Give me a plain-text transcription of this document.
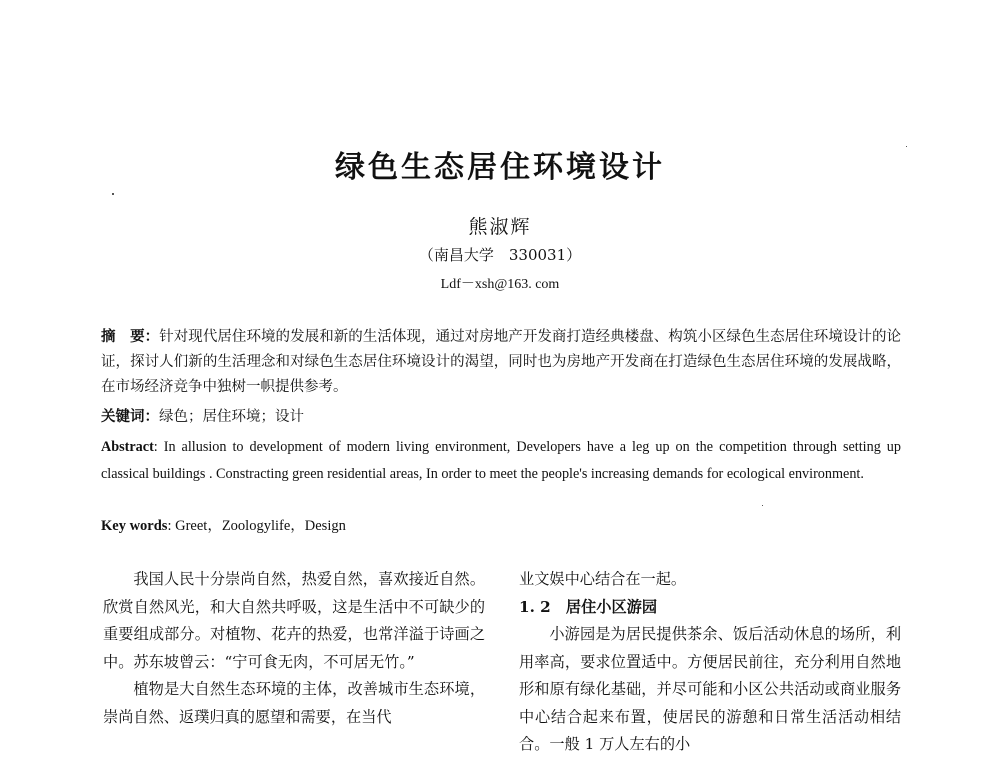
绿色生态居住环境设计
熊淑辉
（南昌大学　330031）
Ldf－xsh@163. com
摘　要：针对现代居住环境的发展和新的生活体现，通过对房地产开发商打造经典楼盘、构筑小区绿色生态居住环境设计的论证，探讨人们新的生活理念和对绿色生态居住环境设计的渴望，同时也为房地产开发商在打造绿色生态居住环境的发展战略，在市场经济竞争中独树一帜提供参考。
关键词：绿色；居住环境；设计
Abstract: In allusion to development of modern living environment, Developers have a leg up on the competition through setting up classical buildings . Constracting green residential areas, In order to meet the people's increasing demands for ecological environment.
Key words: Greet，Zoologylife，Design

我国人民十分崇尚自然，热爱自然，喜欢接近自然。欣赏自然风光，和大自然共呼吸，这是生活中不可缺少的重要组成部分。对植物、花卉的热爱，也常洋溢于诗画之中。苏东坡曾云：“宁可食无肉，不可居无竹。”

植物是大自然生态环境的主体，改善城市生态环境，崇尚自然、返璞归真的愿望和需要，在当代

业文娱中心结合在一起。

1. 2　居住小区游园

小游园是为居民提供茶余、饭后活动休息的场所，利用率高，要求位置适中。方便居民前往，充分利用自然地形和原有绿化基础，并尽可能和小区公共活动或商业服务中心结合起来布置，使居民的游憩和日常生活活动相结合。一般 1 万人左右的小
